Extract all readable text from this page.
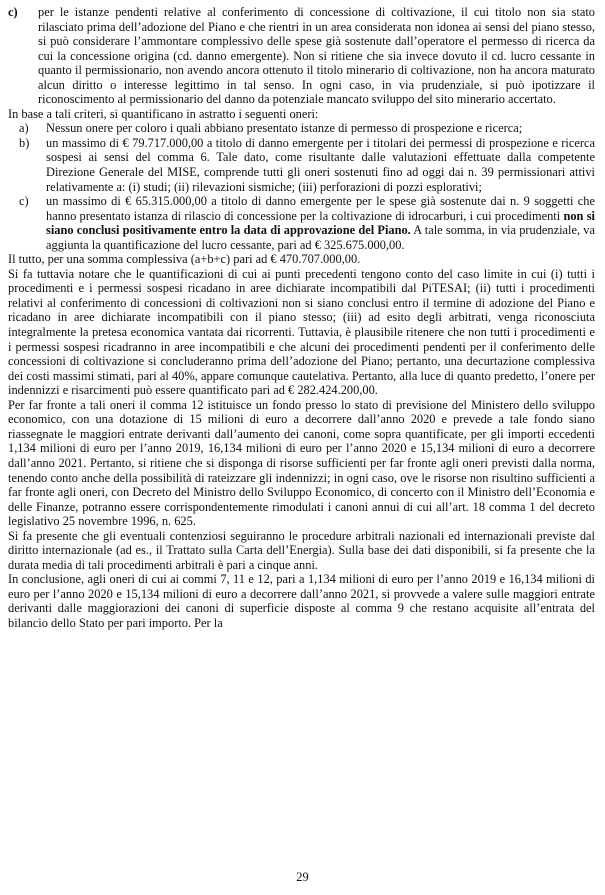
c)	per le istanze pendenti relative al conferimento di concessione di coltivazione, il cui titolo non sia stato rilasciato prima dell’adozione del Piano e che rientri in un area considerata non idonea ai sensi del piano stesso, si può considerare l’ammontare complessivo delle spese già sostenute dall’operatore el permesso di ricerca da cui la concessione origina (cd. danno emergente). Non si ritiene che sia invece dovuto il cd. lucro cessante in quanto il permissionario, non avendo ancora ottenuto il titolo minerario di coltivazione, non ha ancora maturato alcun diritto o interesse legittimo in tal senso. In ogni caso, in via prudenziale, si può ipotizzare il riconoscimento al permissionario del danno da potenziale mancato sviluppo del sito minerario accertato.

In base a tali criteri, si quantificano in astratto i seguenti oneri:

a)	Nessun onere per coloro i quali abbiano presentato istanze di permesso di prospezione e ricerca;
b)	un massimo di € 79.717.000,00 a titolo di danno emergente per i titolari dei permessi di prospezione e ricerca sospesi ai sensi del comma 6. Tale dato, come risultante dalle valutazioni effettuate dalla competente Direzione Generale del MISE, comprende tutti gli oneri sostenuti fino ad oggi dai n. 39 permissionari attivi relativamente a: (i) studi; (ii) rilevazioni sismiche; (iii) perforazioni di pozzi esplorativi;
c)	un massimo di € 65.315.000,00 a titolo di danno emergente per le spese già sostenute dai n. 9 soggetti che hanno presentato istanza di rilascio di concessione per la coltivazione di idrocarburi, i cui procedimenti non si siano conclusi positivamente entro la data di approvazione del Piano. A tale somma, in via prudenziale, va aggiunta la quantificazione del lucro cessante, pari ad € 325.675.000,00.

Il tutto, per una somma complessiva (a+b+c) pari ad € 470.707.000,00.

Si fa tuttavia notare che le quantificazioni di cui ai punti precedenti tengono conto del caso limite in cui (i) tutti i procedimenti e i permessi sospesi ricadano in aree dichiarate incompatibili dal PiTESAI; (ii) tutti i procedimenti relativi al conferimento di concessioni di coltivazioni non si siano conclusi entro il termine di adozione del Piano e ricadano in aree dichiarate incompatibili con il piano stesso; (iii) ad esito degli arbitrati, venga riconosciuta integralmente la pretesa economica vantata dai ricorrenti. Tuttavia, è plausibile ritenere che non tutti i procedimenti e i permessi sospesi ricadranno in aree incompatibili e che alcuni dei procedimenti pendenti per il conferimento delle concessioni di coltivazione si concluderanno prima dell’adozione del Piano; pertanto, una decurtazione complessiva dei costi massimi stimati, pari al 40%, appare comunque cautelativa. Pertanto, alla luce di quanto predetto, l’onere per indennizzi e risarcimenti può essere quantificato pari ad € 282.424.200,00.

Per far fronte a tali oneri il comma 12 istituisce un fondo presso lo stato di previsione del Ministero dello sviluppo economico, con una dotazione di 15 milioni di euro a decorrere dall’anno 2020 e prevede a tale fondo siano riassegnate le maggiori entrate derivanti dall’aumento dei canoni, come sopra quantificate, per gli importi eccedenti 1,134 milioni di euro per l’anno 2019, 16,134 milioni di euro per l’anno 2020 e 15,134 milioni di euro a decorrere dall’anno 2021. Pertanto, si ritiene che si disponga di risorse sufficienti per far fronte agli oneri previsti dalla norma, tenendo conto anche della possibilità di rateizzare gli indennizzi; in ogni caso, ove le risorse non risultino sufficienti a far fronte agli oneri, con Decreto del Ministro dello Sviluppo Economico, di concerto con il Ministro dell’Economia e delle Finanze, potranno essere corrispondentemente rimodulati i canoni annui di cui all’art. 18 comma 1 del decreto legislativo 25 novembre 1996, n. 625.

Si fa presente che gli eventuali contenziosi seguiranno le procedure arbitrali nazionali ed internazionali previste dal diritto internazionale (ad es., il Trattato sulla Carta dell’Energia). Sulla base dei dati disponibili, si fa presente che la durata media di tali procedimenti arbitrali è pari a cinque anni.

In conclusione, agli oneri di cui ai commi 7, 11 e 12, pari a 1,134 milioni di euro per l’anno 2019 e 16,134 milioni di euro per l’anno 2020 e 15,134 milioni di euro a decorrere dall’anno 2021, si provvede a valere sulle maggiori entrate derivanti dalle maggiorazioni dei canoni di superficie disposte al comma 9 che restano acquisite all’entrata del bilancio dello Stato per pari importo. Per la

29
